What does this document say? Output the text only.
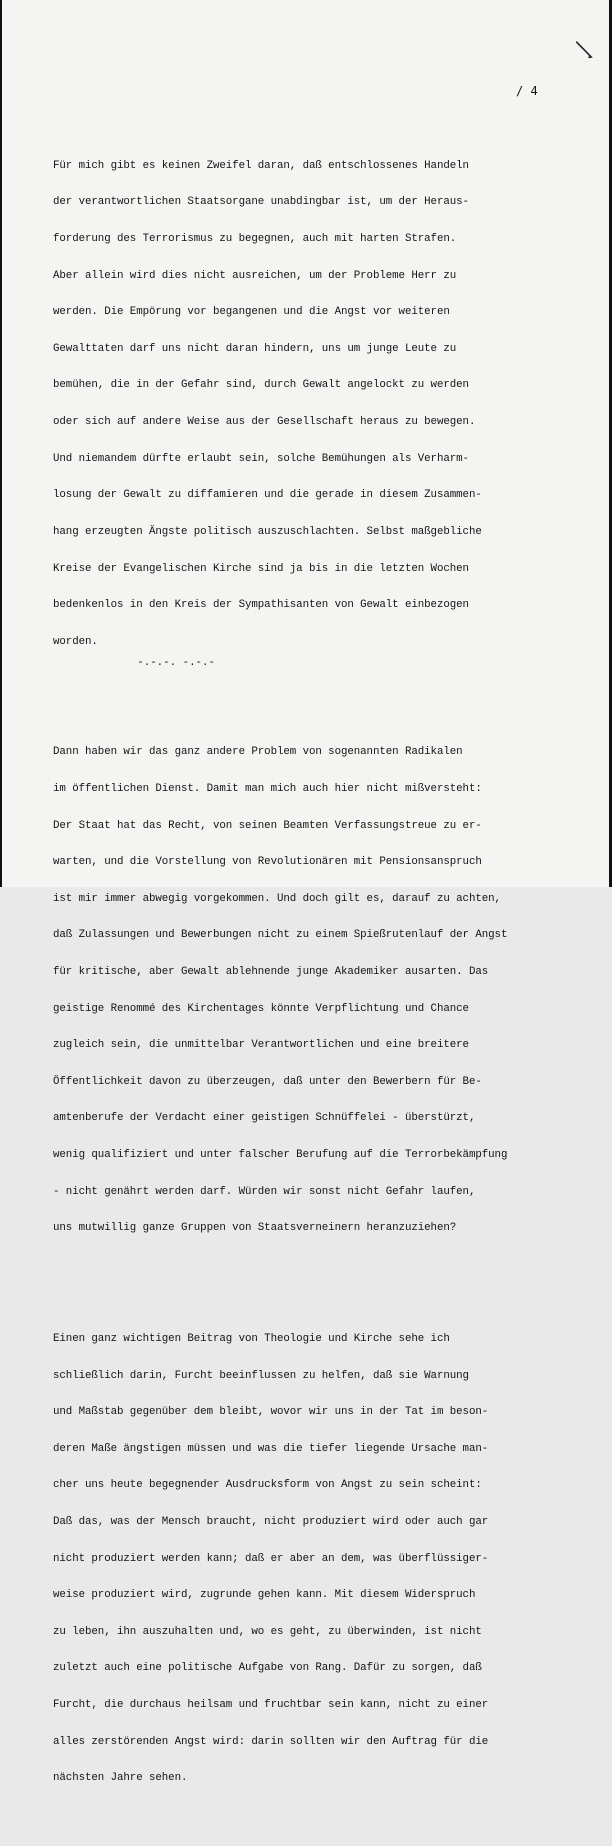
/ 4

Für mich gibt es keinen Zweifel daran, daß entschlossenes Handeln

der verantwortlichen Staatsorgane unabdingbar ist, um der Heraus-

forderung des Terrorismus zu begegnen, auch mit harten Strafen.

Aber allein wird dies nicht ausreichen, um der Probleme Herr zu

werden. Die Empörung vor begangenen und die Angst vor weiteren

Gewalttaten darf uns nicht daran hindern, uns um junge Leute zu

bemühen, die in der Gefahr sind, durch Gewalt angelockt zu werden

oder sich auf andere Weise aus der Gesellschaft heraus zu bewegen.

Und niemandem dürfte erlaubt sein, solche Bemühungen als Verharm-

losung der Gewalt zu diffamieren und die gerade in diesem Zusammen-

hang erzeugten Ängste politisch auszuschlachten. Selbst maßgebliche

Kreise der Evangelischen Kirche sind ja bis in die letzten Wochen

bedenkenlos in den Kreis der Sympathisanten von Gewalt einbezogen

worden.

Dann haben wir das ganz andere Problem von sogenannten Radikalen

im öffentlichen Dienst. Damit man mich auch hier nicht mißversteht:

Der Staat hat das Recht, von seinen Beamten Verfassungstreue zu er-

warten, und die Vorstellung von Revolutionären mit Pensionsanspruch

ist mir immer abwegig vorgekommen. Und doch gilt es, darauf zu achten,

daß Zulassungen und Bewerbungen nicht zu einem Spießrutenlauf der Angst

für kritische, aber Gewalt ablehnende junge Akademiker ausarten. Das

geistige Renommé des Kirchentages könnte Verpflichtung und Chance

zugleich sein, die unmittelbar Verantwortlichen und eine breitere

Öffentlichkeit davon zu überzeugen, daß unter den Bewerbern für Be-

amtenberufe der Verdacht einer geistigen Schnüffelei - überstürzt,

wenig qualifiziert und unter falscher Berufung auf die Terrorbekämpfung

- nicht genährt werden darf. Würden wir sonst nicht Gefahr laufen,

uns mutwillig ganze Gruppen von Staatsverneinern heranzuziehen?

Einen ganz wichtigen Beitrag von Theologie und Kirche sehe ich

schließlich darin, Furcht beeinflussen zu helfen, daß sie Warnung

und Maßstab gegenüber dem bleibt, wovor wir uns in der Tat im beson-

deren Maße ängstigen müssen und was die tiefer liegende Ursache man-

cher uns heute begegnender Ausdrucksform von Angst zu sein scheint:

Daß das, was der Mensch braucht, nicht produziert wird oder auch gar

nicht produziert werden kann; daß er aber an dem, was überflüssiger-

weise produziert wird, zugrunde gehen kann. Mit diesem Widerspruch

zu leben, ihn auszuhalten und, wo es geht, zu überwinden, ist nicht

zuletzt auch eine politische Aufgabe von Rang. Dafür zu sorgen, daß

Furcht, die durchaus heilsam und fruchtbar sein kann, nicht zu einer

alles zerstörenden Angst wird: darin sollten wir den Auftrag für die

nächsten Jahre sehen.

-.-.-. -.-.-
